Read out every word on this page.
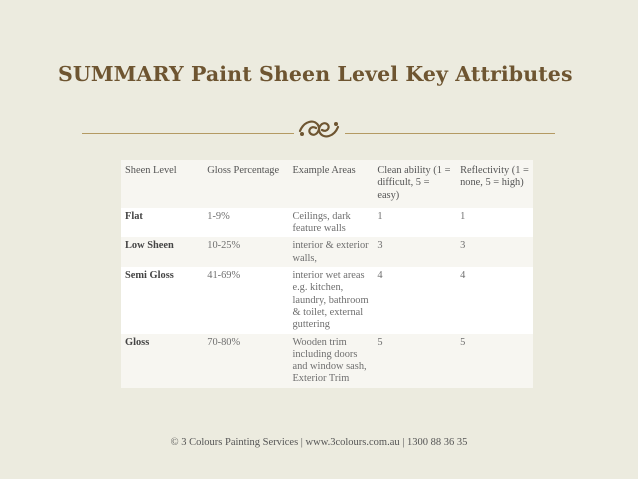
SUMMARY Paint Sheen Level Key Attributes
Sheen Level	Gloss Percentage	Example Areas	Clean ability (1 = difficult, 5 = easy)	Reflectivity (1 = none, 5 = high)
Flat	1-9%	Ceilings, dark feature walls	1	1
Low Sheen	10-25%	interior & exterior walls,	3	3
Semi Gloss	41-69%	interior wet areas e.g. kitchen, laundry, bathroom & toilet, external guttering	4	4
Gloss	70-80%	Wooden trim including doors and window sash, Exterior Trim	5	5
© 3 Colours Painting Services | www.3colours.com.au | 1300 88 36 35
